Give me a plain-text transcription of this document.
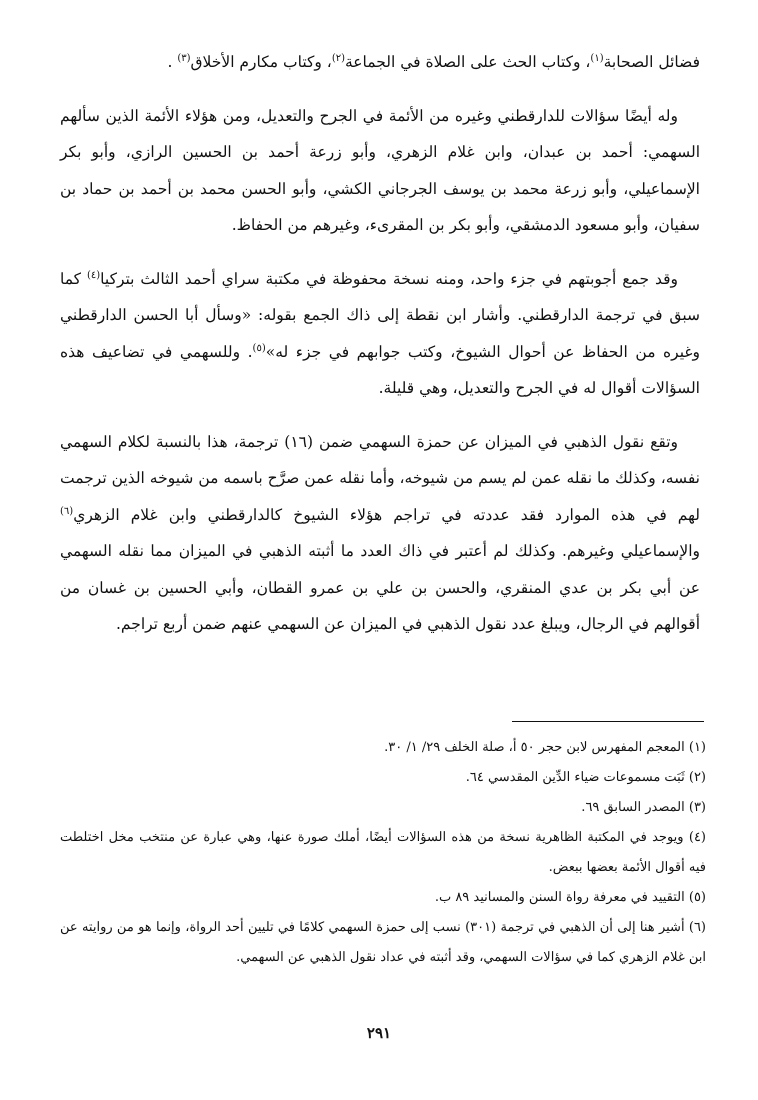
فضائل الصحابة$^{(١)}$، وكتاب الحث على الصلاة في الجماعة$^{(٢)}$، وكتاب مكارم الأخلاق$^{(٣)}$ .

وله أيضًا سؤالات للدارقطني وغيره من الأئمة في الجرح والتعديل، ومن هؤلاء الأئمة الذين سألهم السهمي: أحمد بن عبدان، وابن غلام الزهري، وأبو زرعة أحمد بن الحسين الرازي، وأبو بكر الإسماعيلي، وأبو زرعة محمد بن يوسف الجرجاني الكشي، وأبو الحسن محمد بن أحمد بن حماد بن سفيان، وأبو مسعود الدمشقي، وأبو بكر بن المقرىء، وغيرهم من الحفاظ.

وقد جمع أجوبتهم في جزء واحد، ومنه نسخة محفوظة في مكتبة سراي أحمد الثالث بتركيا$^{(٤)}$ كما سبق في ترجمة الدارقطني. وأشار ابن نقطة إلى ذاك الجمع بقوله: «وسأل أبا الحسن الدارقطني وغيره من الحفاظ عن أحوال الشيوخ، وكتب جوابهم في جزء له»$^{(٥)}$. وللسهمي في تضاعيف هذه السؤالات أقوال له في الجرح والتعديل، وهي قليلة.

وتقع نقول الذهبي في الميزان عن حمزة السهمي ضمن (١٦) ترجمة، هذا بالنسبة لكلام السهمي نفسه، وكذلك ما نقله عمن لم يسم من شيوخه، وأما نقله عمن صرَّح باسمه من شيوخه الذين ترجمت لهم في هذه الموارد فقد عددته في تراجم هؤلاء الشيوخ كالدارقطني وابن غلام الزهري$^{(٦)}$ والإسماعيلي وغيرهم. وكذلك لم أعتبر في ذاك العدد ما أثبته الذهبي في الميزان مما نقله السهمي عن أبي بكر بن عدي المنقري، والحسن بن علي بن عمرو القطان، وأبي الحسين بن غسان من أقوالهم في الرجال، ويبلغ عدد نقول الذهبي في الميزان عن السهمي عنهم ضمن أربع تراجم.

(١) المعجم المفهرس لابن حجر ٥٠ أ، صلة الخلف ٢٩/ ١/ ٣٠.

(٢) ثَبَت مسموعات ضياء الدِّين المقدسي ٦٤.

(٣) المصدر السابق ٦٩.

(٤) ويوجد في المكتبة الظاهرية نسخة من هذه السؤالات أيضًا، أملك صورة عنها، وهي عبارة عن منتخب مخل اختلطت فيه أقوال الأئمة بعضها ببعض.

(٥) التقييد في معرفة رواة السنن والمسانيد ٨٩ ب.

(٦) أشير هنا إلى أن الذهبي في ترجمة (٣٠١) نسب إلى حمزة السهمي كلامًا في تليين أحد الرواة، وإنما هو من روايته عن ابن غلام الزهري كما في سؤالات السهمي، وقد أثبته في عداد نقول الذهبي عن السهمي.

٢٩١
